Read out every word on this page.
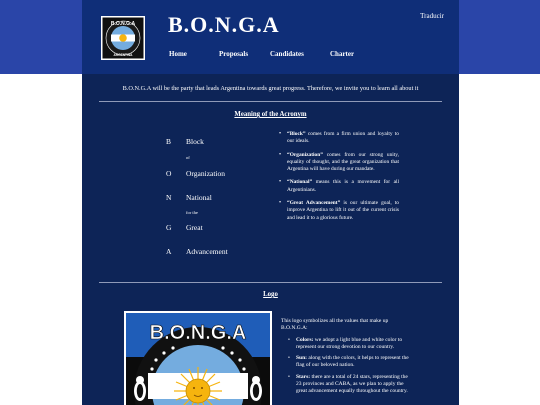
B.O.N.G.A
ARGENTINA
B.O.N.G.A	Traducir
Home	Proposals	Candidates	Charter
B.O.N.G.A will be the party that leads Argentina towards great progress. Therefore, we invite you to learn all about it
Meaning of the Acronym
B Block
of
O Organization
N National
for the
G Great
A Advancement
• “Block” comes from a firm union and loyalty to our ideals.
• “Organization” comes from our strong unity, equality of thought, and the great organization that Argentina will have during our mandate.
• “National” means this is a movement for all Argentinians.
• “Great Advancement” is our ultimate goal, to improve Argentina to lift it out of the current crisis and lead it to a glorious future.
Logo
B.O.N.G.A
This logo symbolizes all the values that make up B.O.N.G.A:
• Colors: we adopt a light blue and white color to represent our strong devotion to our country.
• Sun: along with the colors, it helps to represent the flag of our beloved nation.
• Stars: there are a total of 24 stars, representing the 23 provinces and CABA, as we plan to apply the great advancement equally throughout the country.
